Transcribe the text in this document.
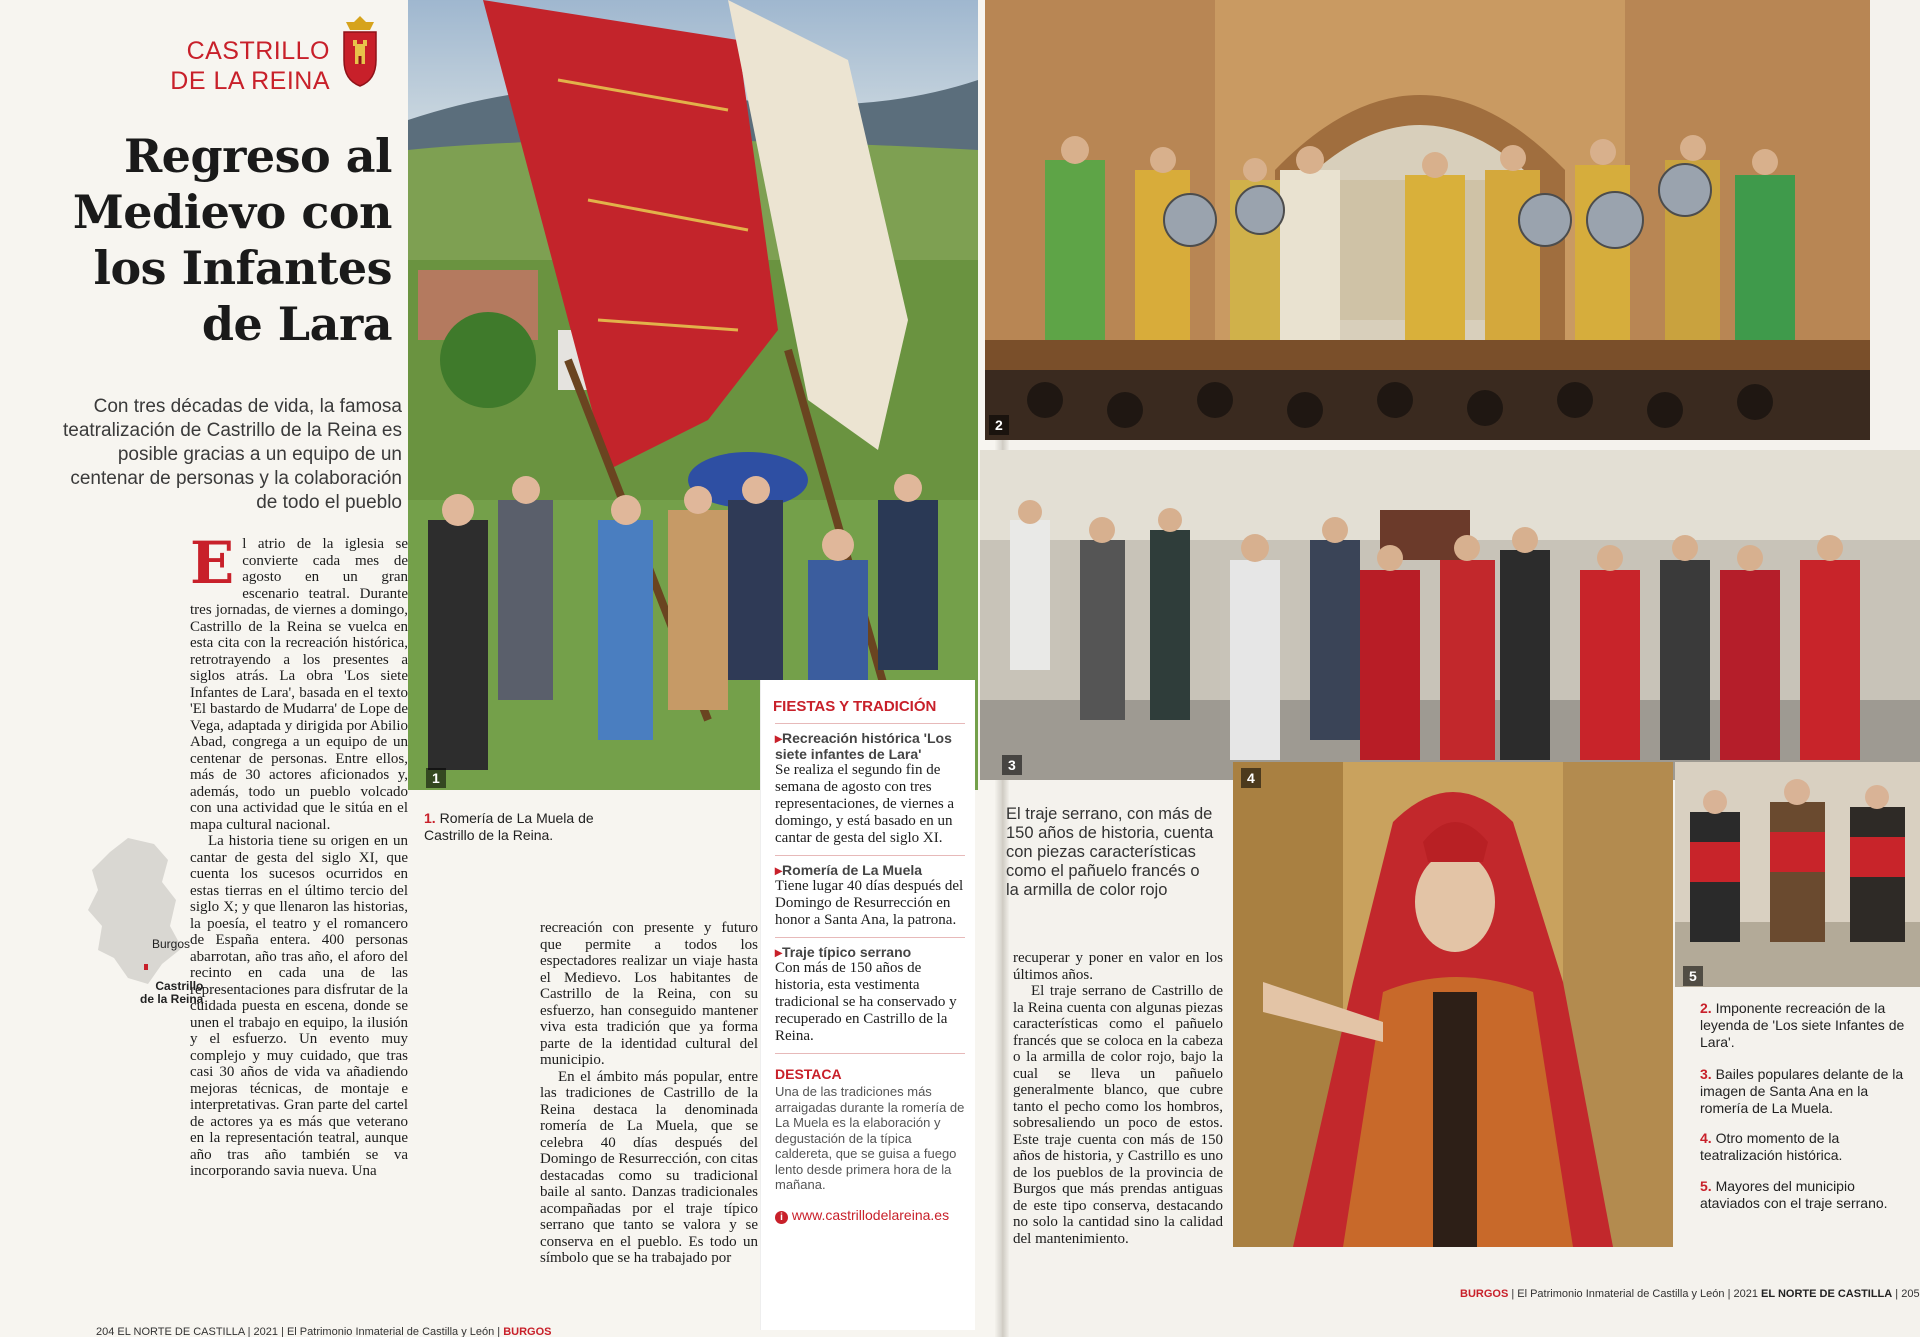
CASTRILLO
DE LA REINA
Regreso al Medievo con los Infantes de Lara

Con tres décadas de vida, la famosa teatralización de Castrillo de la Reina es posible gracias a un equipo de un centenar de personas y la colaboración de todo el pueblo

El atrio de la iglesia se convierte cada mes de agosto en un gran escenario teatral. Durante tres jornadas, de viernes a domingo, Castrillo de la Reina se vuelca en esta cita con la recreación histórica, retrotrayendo a los presentes a siglos atrás. La obra 'Los siete Infantes de Lara', basada en el texto 'El bastardo de Mudarra' de Lope de Vega, adaptada y dirigida por Abilio Abad, congrega a un equipo de un centenar de personas. Entre ellos, más de 30 actores aficionados y, además, todo un pueblo volcado con una actividad que le sitúa en el mapa cultural nacional.

La historia tiene su origen en un cantar de gesta del siglo XI, que cuenta los sucesos ocurridos en estas tierras en el último tercio del siglo X; y que llenaron las historias, la poesía, el teatro y el romancero de España entera. 400 personas abarrotan, año tras año, el aforo del recinto en cada una de las representaciones para disfrutar de la cuidada puesta en escena, donde se unen el trabajo en equipo, la ilusión y el esfuerzo. Un evento muy complejo y muy cuidado, que tras casi 30 años de vida va añadiendo mejoras técnicas, de montaje e interpretativas. Gran parte del cartel de actores ya es más que veterano en la representación teatral, aunque año tras año también se va incorporando savia nueva. Una

Burgos
Castrillo
de la Reina

recreación con presente y futuro que permite a todos los espectadores realizar un viaje hasta el Medievo. Los habitantes de Castrillo de la Reina, con su esfuerzo, han conseguido mantener viva esta tradición que ya forma parte de la identidad cultural del municipio.

En el ámbito más popular, entre las tradiciones de Castrillo de la Reina destaca la denominada romería de La Muela, que se celebra 40 días después del Domingo de Resurrección, con citas destacadas como su tradicional baile al santo. Danzas tradicionales acompañadas por el traje típico serrano que tanto se valora y se conserva en el pueblo. Es todo un símbolo que se ha trabajado por

1
1. Romería de La Muela de Castrillo de la Reina.
FIESTAS Y TRADICIÓN
▸ Recreación histórica 'Los siete infantes de Lara'
Se realiza el segundo fin de semana de agosto con tres representaciones, de viernes a domingo, y está basado en un cantar de gesta del siglo XI.
▸ Romería de La Muela
Tiene lugar 40 días después del Domingo de Resurrección en honor a Santa Ana, la patrona.
▸ Traje típico serrano
Con más de 150 años de historia, esta vestimenta tradicional se ha conservado y recuperado en Castrillo de la Reina.
DESTACA
Una de las tradiciones más arraigadas durante la romería de La Muela es la elaboración y degustación de la típica caldereta, que se guisa a fuego lento desde primera hora de la mañana.
i www.castrillodelareina.es
204 EL NORTE DE CASTILLA | 2021 | El Patrimonio Inmaterial de Castilla y León | BURGOS
2
3
El traje serrano, con más de 150 años de historia, cuenta con piezas características como el pañuelo francés o la armilla de color rojo

recuperar y poner en valor en los últimos años.

El traje serrano de Castrillo de la Reina cuenta con algunas piezas características como el pañuelo francés que se coloca en la cabeza o la armilla de color rojo, bajo la cual se lleva un pañuelo generalmente blanco, que cubre tanto el pecho como los hombros, sobresaliendo un poco de estos. Este traje cuenta con más de 150 años de historia, y Castrillo es uno de los pueblos de la provincia de Burgos que más prendas antiguas de este tipo conserva, destacando no solo la cantidad sino la calidad del mantenimiento.

4
5
2. Imponente recreación de la leyenda de 'Los siete Infantes de Lara'.
3. Bailes populares delante de la imagen de Santa Ana en la romería de La Muela.
4. Otro momento de la teatralización histórica.
5. Mayores del municipio ataviados con el traje serrano.
BURGOS | El Patrimonio Inmaterial de Castilla y León | 2021 EL NORTE DE CASTILLA | 205
